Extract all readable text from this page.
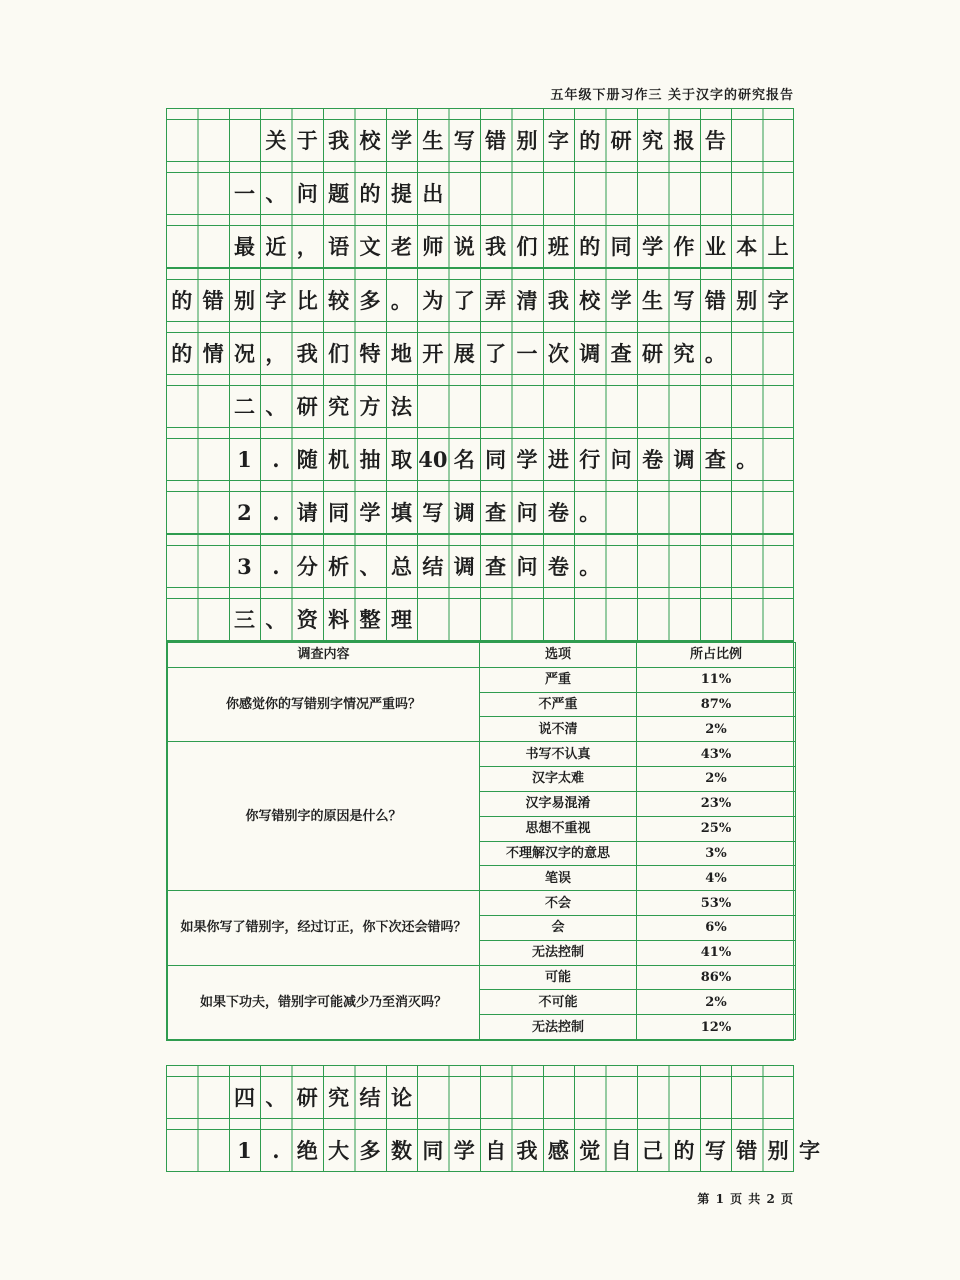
五年级下册习作三 关于汉字的研究报告
关 于 我 校 学 生 写 错 别 字 的 研 究 报 告
一 、 问 题 的 提 出
最 近 ， 语 文 老 师 说 我 们 班 的 同 学 作 业 本 上
的 错 别 字 比 较 多 。 为 了 弄 清 我 校 学 生 写 错 别 字
的 情 况 ， 我 们 特 地 开 展 了 一 次 调 查 研 究 。
二 、 研 究 方 法
1 . 随 机 抽 取 40 名 同 学 进 行 问 卷 调 查 。
2 . 请 同 学 填 写 调 查 问 卷 。
3 . 分 析 、 总 结 调 查 问 卷 。
三 、 资 料 整 理
调查内容	选项	所占比例
你感觉你的写错别字情况严重吗？	严重	11%
	不严重	87%
	说不清	2%
你写错别字的原因是什么？	书写不认真	43%
	汉字太难	2%
	汉字易混淆	23%
	思想不重视	25%
	不理解汉字的意思	3%
	笔误	4%
如果你写了错别字，经过订正，你下次还会错吗？	不会	53%
	会	6%
	无法控制	41%
如果下功夫，错别字可能减少乃至消灭吗？	可能	86%
	不可能	2%
	无法控制	12%
四 、 研 究 结 论
1 . 绝 大 多 数 同 学 自 我 感 觉 自 己 的 写 错 别 字
第 1 页 共 2 页
